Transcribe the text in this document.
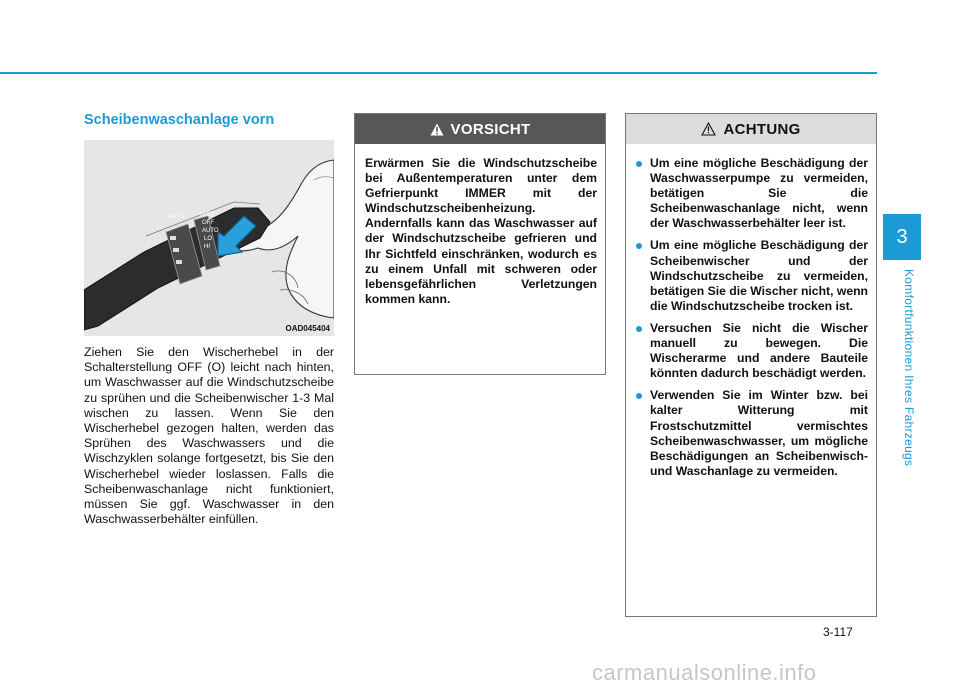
Scheibenwaschanlage vorn
MIST
OFF
AUTO
LO
HI
AUTO
OAD045404

Ziehen Sie den Wischerhebel in der Schalterstellung OFF (O) leicht nach hinten, um Waschwasser auf die Windschutzscheibe zu sprühen und die Scheibenwischer 1-3 Mal wischen zu lassen. Wenn Sie den Wischerhebel gezogen halten, werden das Sprühen des Waschwassers und die Wischzyklen solange fortgesetzt, bis Sie den Wischerhebel wieder loslassen. Falls die Scheibenwaschanlage nicht funktioniert, müssen Sie ggf. Waschwasser in den Waschwasserbehälter einfüllen.

VORSICHT

Erwärmen Sie die Windschutzscheibe bei Außentemperaturen unter dem Gefrierpunkt IMMER mit der Windschutzscheibenheizung. Andernfalls kann das Waschwasser auf der Windschutzscheibe gefrieren und Ihr Sichtfeld einschränken, wodurch es zu einem Unfall mit schweren oder lebensgefährlichen Verletzungen kommen kann.

ACHTUNG
Um eine mögliche Beschädigung der Waschwasserpumpe zu vermeiden, betätigen Sie die Scheibenwaschanlage nicht, wenn der Waschwasserbehälter leer ist.
Um eine mögliche Beschädigung der Scheibenwischer und der Windschutzscheibe zu vermeiden, betätigen Sie die Wischer nicht, wenn die Windschutzscheibe trocken ist.
Versuchen Sie nicht die Wischer manuell zu bewegen. Die Wischerarme und andere Bauteile könnten dadurch beschädigt werden.
Verwenden Sie im Winter bzw. bei kalter Witterung mit Frostschutzmittel vermischtes Scheibenwaschwasser, um mögliche Beschädigungen an Scheibenwisch- und Waschanlage zu vermeiden.
3
Komfortfunktionen Ihres Fahrzeugs
3-117
carmanualsonline.info
